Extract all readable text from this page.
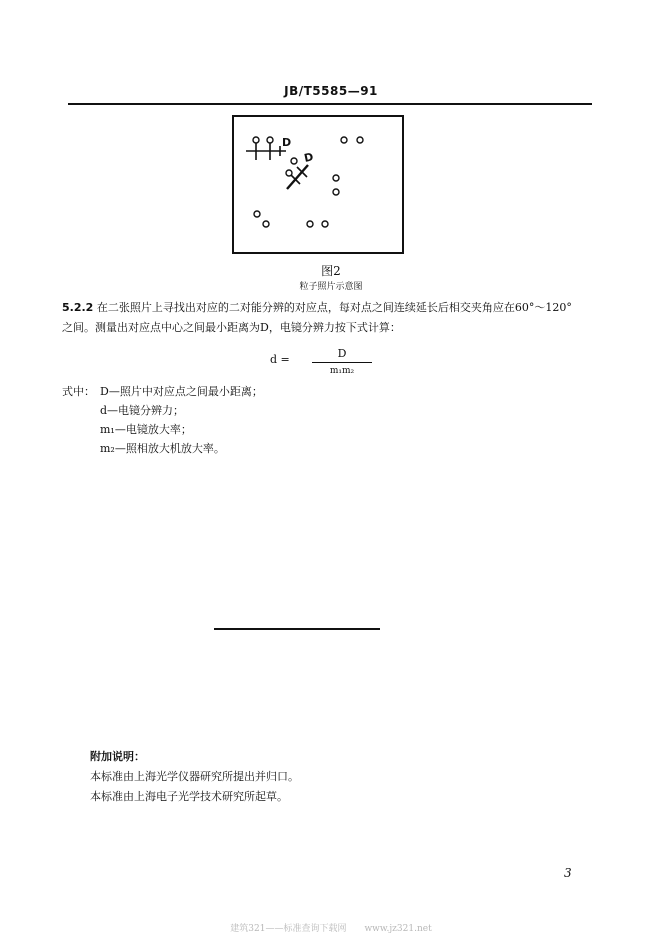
JB/T5585—91
D
D
图2
粒子照片示意图
5.2.2 在二张照片上寻找出对应的二对能分辨的对应点，每对点之间连续延长后相交夹角应在60°～120°
之间。测量出对应点中心之间最小距离为D，电镜分辨力按下式计算：
d =	D
m₁m₂
式中： D—照片中对应点之间最小距离；
d—电镜分辨力；
m₁—电镜放大率；
m₂—照相放大机放大率。
附加说明：
本标准由上海光学仪器研究所提出并归口。
本标准由上海电子光学技术研究所起草。
3
建筑321——标准查询下载网　　www.jz321.net
